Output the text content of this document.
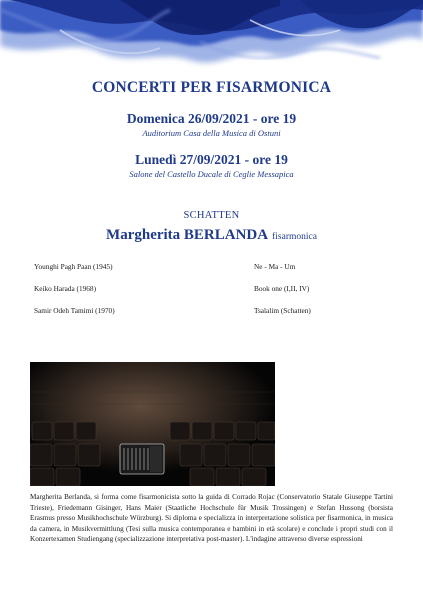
CONCERTI PER FISARMONICA
Domenica 26/09/2021 - ore 19
Auditorium Casa della Musica di Ostuni
Lunedì 27/09/2021 - ore 19
Salone del Castello Ducale di Ceglie Messapica
SCHATTEN
Margherita BERLANDA fisarmonica
Younghi Pagh Paan (1945)	Ne - Ma - Um
Keiko Harada (1968)	Book one (I,II, IV)
Samir Odeh Tamimi (1970)	Tsalalim (Schatten)
Margherita Berlanda, si forma come fisarmonicista sotto la guida di Corrado Rojac (Conservatorio Statale Giuseppe Tartini Trieste), Friedemann Gisinger, Hans Maier (Staatliche Hochschule für Musik Trossingen) e Stefan Hussong (borsista Erasmus presso Musikhochschule Würzburg). Si diploma e specializza in interpretazione solistica per fisarmonica, in musica da camera, in Musikvermittlung (Tesi sulla musica contemporanea e bambini in età scolare) e conclude i propri studi con il Konzertexamen Studiengang (specializzazione interpretativa post-master). L'indagine attraverso diverse espressioni
